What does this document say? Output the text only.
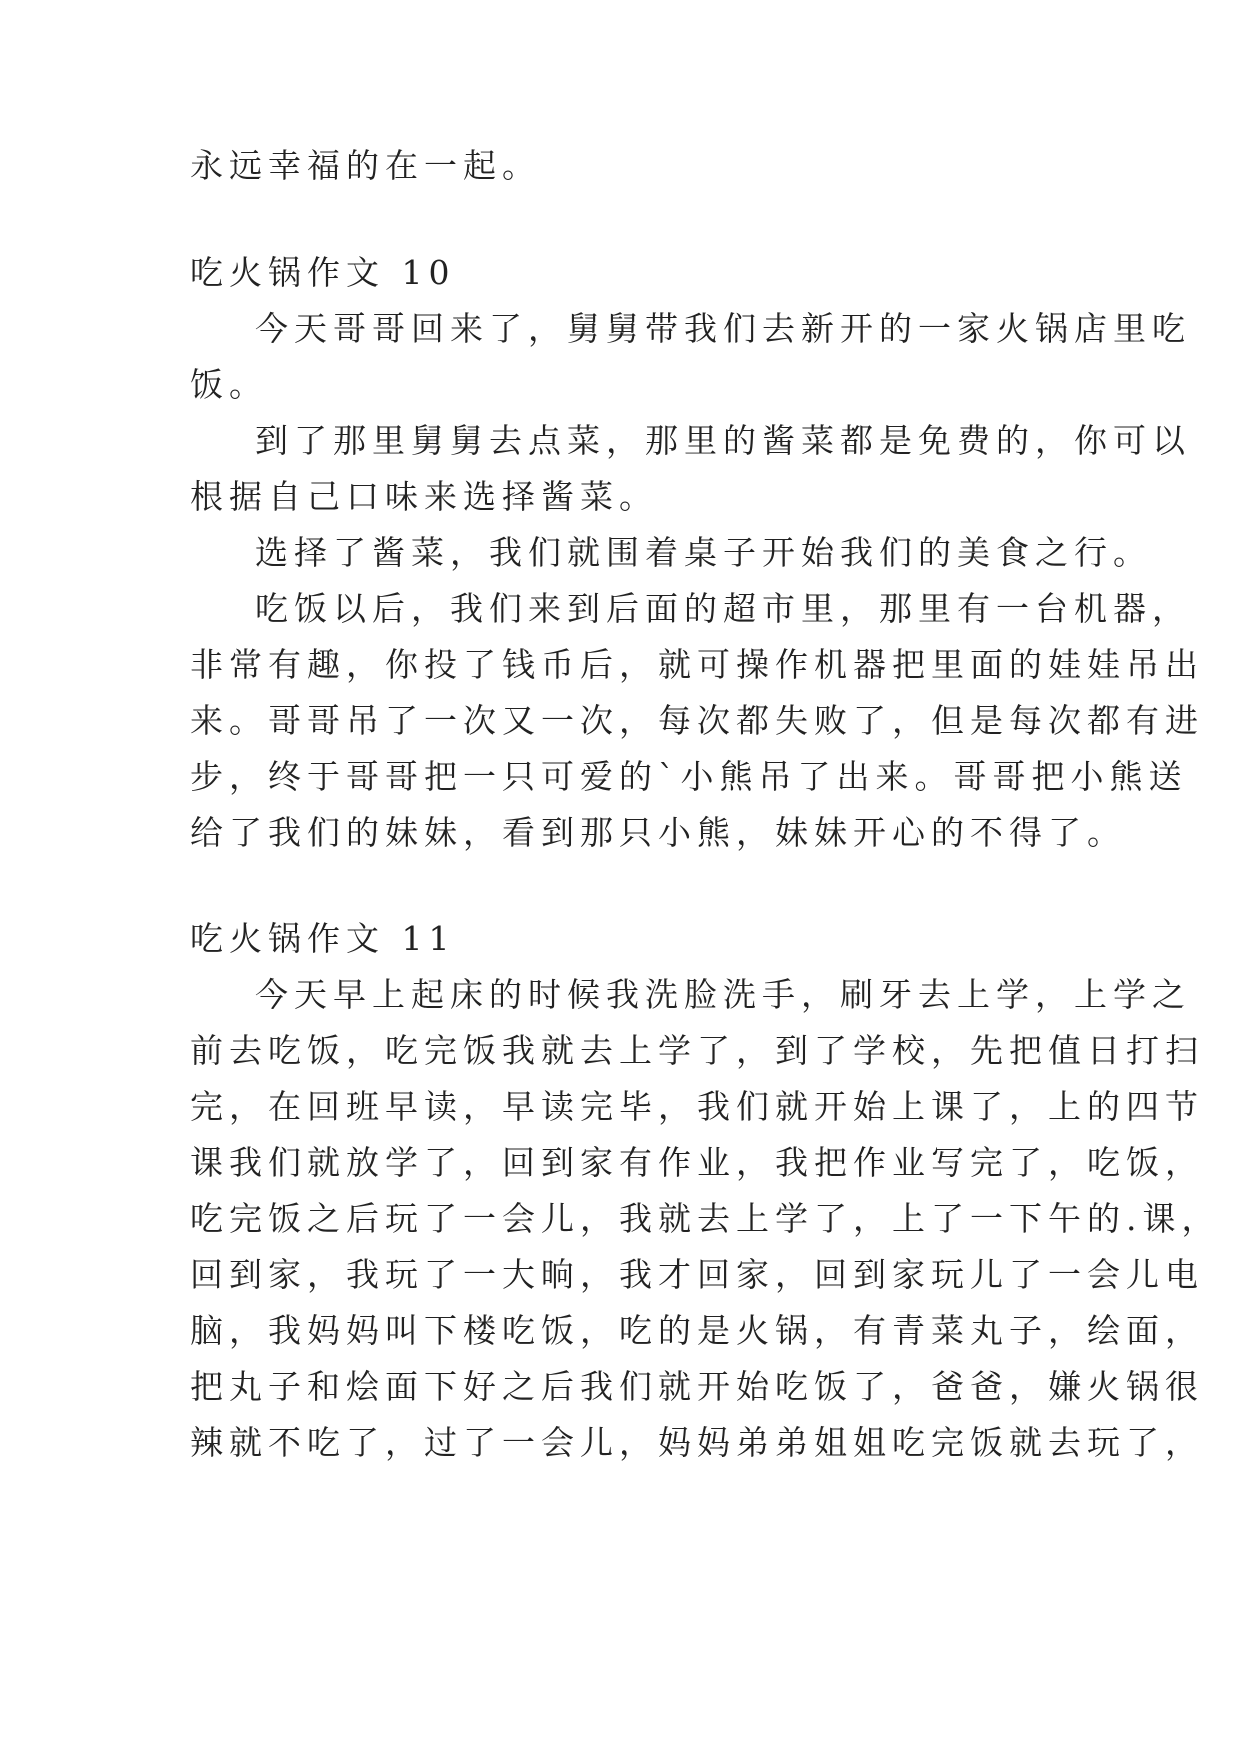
永远幸福的在一起。
吃火锅作文 10
今天哥哥回来了，舅舅带我们去新开的一家火锅店里吃
饭。
到了那里舅舅去点菜，那里的酱菜都是免费的，你可以
根据自己口味来选择酱菜。
选择了酱菜，我们就围着桌子开始我们的美食之行。
吃饭以后，我们来到后面的超市里，那里有一台机器，
非常有趣，你投了钱币后，就可操作机器把里面的娃娃吊出
来。哥哥吊了一次又一次，每次都失败了，但是每次都有进
步，终于哥哥把一只可爱的`小熊吊了出来。哥哥把小熊送
给了我们的妹妹，看到那只小熊，妹妹开心的不得了。
吃火锅作文 11
今天早上起床的时候我洗脸洗手，刷牙去上学，上学之
前去吃饭，吃完饭我就去上学了，到了学校，先把值日打扫
完，在回班早读，早读完毕，我们就开始上课了，上的四节
课我们就放学了，回到家有作业，我把作业写完了，吃饭，
吃完饭之后玩了一会儿，我就去上学了，上了一下午的.课，
回到家，我玩了一大晌，我才回家，回到家玩儿了一会儿电
脑，我妈妈叫下楼吃饭，吃的是火锅，有青菜丸子，绘面，
把丸子和烩面下好之后我们就开始吃饭了，爸爸，嫌火锅很
辣就不吃了，过了一会儿，妈妈弟弟姐姐吃完饭就去玩了，
